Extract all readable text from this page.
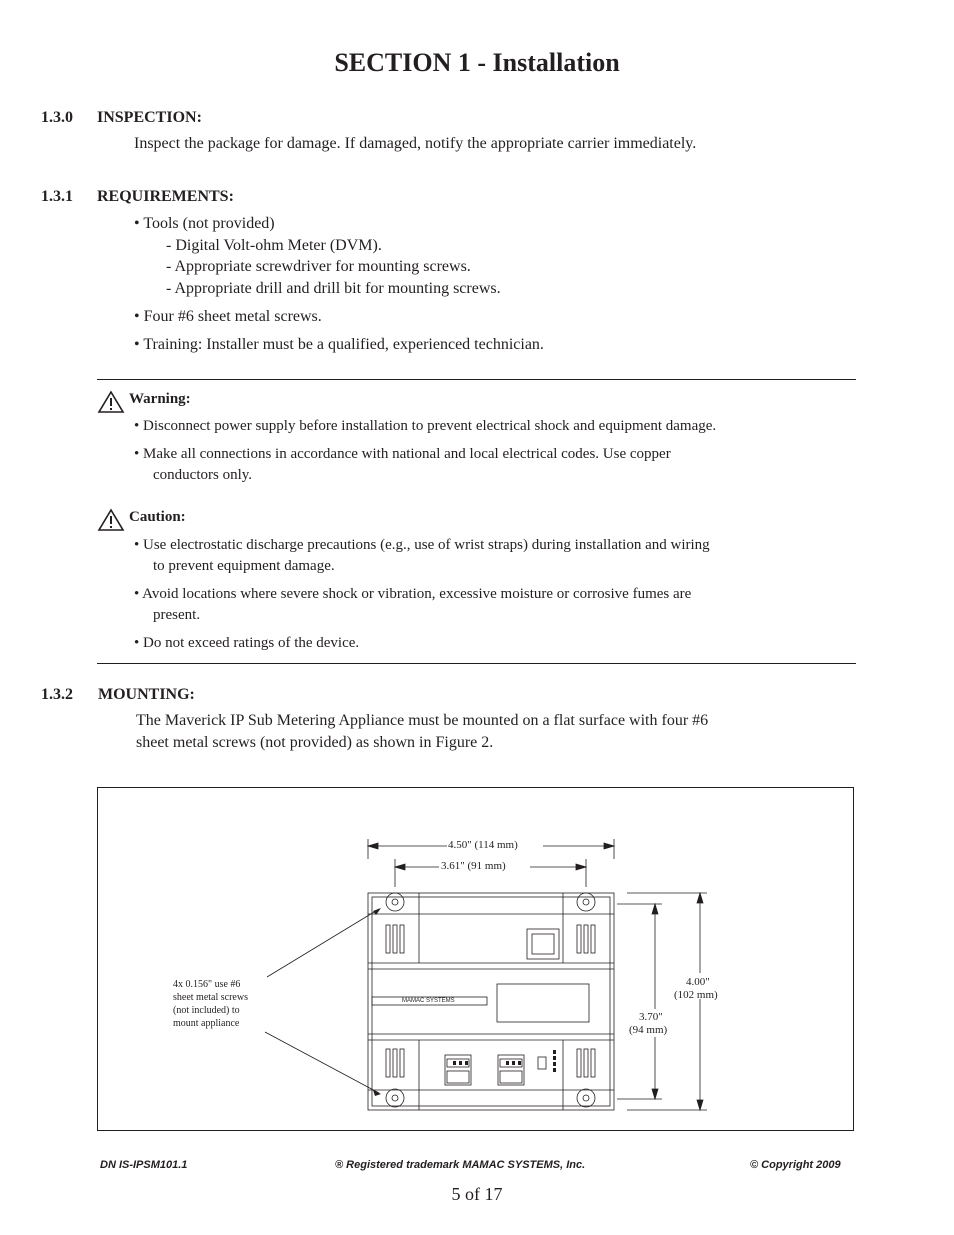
SECTION 1 - Installation
1.3.0 INSPECTION:
Inspect the package for damage. If damaged, notify the appropriate carrier immediately.
1.3.1 REQUIREMENTS:
• Tools (not provided)
- Digital Volt-ohm Meter (DVM).
- Appropriate screwdriver for mounting screws.
- Appropriate drill and drill bit for mounting screws.
• Four #6 sheet metal screws.
• Training: Installer must be a qualified, experienced technician.
Warning:
• Disconnect power supply before installation to prevent electrical shock and equipment damage.
• Make all connections in accordance with national and local electrical codes. Use copper
conductors only.
Caution:
• Use electrostatic discharge precautions (e.g., use of wrist straps) during installation and wiring
to prevent equipment damage.
• Avoid locations where severe shock or vibration, excessive moisture or corrosive fumes are
present.
• Do not exceed ratings of the device.
1.3.2 MOUNTING:
The Maverick IP Sub Metering Appliance must be mounted on a flat surface with four #6
sheet metal screws (not provided) as shown in Figure 2.
4.50" (114 mm)
3.61" (91 mm)
4.00"
(102 mm)
3.70"
(94 mm)
4x 0.156" use #6
sheet metal screws
(not included) to
mount appliance
MAMAC SYSTEMS
DN IS-IPSM101.1	® Registered trademark MAMAC SYSTEMS, Inc.	© Copyright 2009
5 of 17
